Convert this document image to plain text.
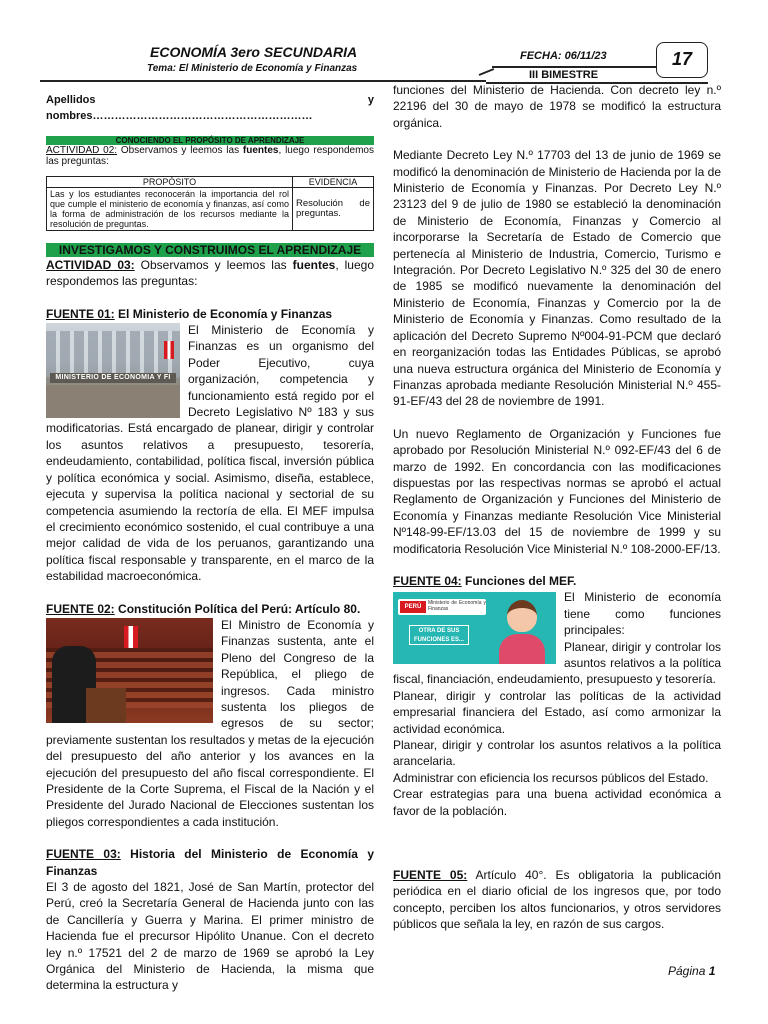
ECONOMÍA 3ero SECUNDARIA
Tema: El Ministerio de Economía y Finanzas
FECHA: 06/11/23
III BIMESTRE
17
Apellidos y nombres……………………………………………………
CONOCIENDO EL PROPÓSITO DE APRENDIZAJE
ACTIVIDAD 02: Observamos y leemos las fuentes, luego respondemos las preguntas:
PROPÓSITO	EVIDENCIA
Las y los estudiantes reconocerán la importancia del rol que cumple el ministerio de economía y finanzas, así como la forma de administración de los recursos mediante la resolución de preguntas.	Resolución de preguntas.
INVESTIGAMOS Y CONSTRUIMOS EL APRENDIZAJE
ACTIVIDAD 03: Observamos y leemos las fuentes, luego respondemos las preguntas:
FUENTE 01: El Ministerio de Economía y Finanzas
MINISTERIO DE ECONOMIA Y FI
El Ministerio de Economía y Finanzas es un organismo del Poder Ejecutivo, cuya organización, competencia y funcionamiento está regido por el Decreto Legislativo Nº 183 y sus modificatorias. Está encargado de planear, dirigir y controlar los asuntos relativos a presupuesto, tesorería, endeudamiento, contabilidad, política fiscal, inversión pública y política económica y social. Asimismo, diseña, establece, ejecuta y supervisa la política nacional y sectorial de su competencia asumiendo la rectoría de ella. El MEF impulsa el crecimiento económico sostenido, el cual contribuye a una mejor calidad de vida de los peruanos, garantizando una política fiscal responsable y transparente, en el marco de la estabilidad macroeconómica.
FUENTE 02: Constitución Política del Perú: Artículo 80.
El Ministro de Economía y Finanzas sustenta, ante el Pleno del Congreso de la República, el pliego de ingresos. Cada ministro sustenta los pliegos de egresos de su sector; previamente sustentan los resultados y metas de la ejecución del presupuesto del año anterior y los avances en la ejecución del presupuesto del año fiscal correspondiente. El Presidente de la Corte Suprema, el Fiscal de la Nación y el Presidente del Jurado Nacional de Elecciones sustentan los pliegos correspondientes a cada institución.
FUENTE 03: Historia del Ministerio de Economía y Finanzas
El 3 de agosto del 1821, José de San Martín, protector del Perú, creó la Secretaría General de Hacienda junto con las de Cancillería y Guerra y Marina. El primer ministro de Hacienda fue el precursor Hipólito Unanue. Con el decreto ley n.º 17521 del 2 de marzo de 1969 se aprobó la Ley Orgánica del Ministerio de Hacienda, la misma que determina la estructura y
funciones del Ministerio de Hacienda. Con decreto ley n.º 22196 del 30 de mayo de 1978 se modificó la estructura orgánica.
Mediante Decreto Ley N.º 17703 del 13 de junio de 1969 se modificó la denominación de Ministerio de Hacienda por la de Ministerio de Economía y Finanzas. Por Decreto Ley N.º 23123 del 9 de julio de 1980 se estableció la denominación de Ministerio de Economía, Finanzas y Comercio al incorporarse la Secretaría de Estado de Comercio que pertenecía al Ministerio de Industria, Comercio, Turismo e Integración. Por Decreto Legislativo N.º 325 del 30 de enero de 1985 se modificó nuevamente la denominación del Ministerio de Economía, Finanzas y Comercio por la de Ministerio de Economía y Finanzas. Como resultado de la aplicación del Decreto Supremo Nº004-91-PCM que declaró en reorganización todas las Entidades Públicas, se aprobó una nueva estructura orgánica del Ministerio de Economía y Finanzas aprobada mediante Resolución Ministerial N.º 455-91-EF/43 del 28 de noviembre de 1991.
Un nuevo Reglamento de Organización y Funciones fue aprobado por Resolución Ministerial N.º 092-EF/43 del 6 de marzo de 1992. En concordancia con las modificaciones dispuestas por las respectivas normas se aprobó el actual Reglamento de Organización y Funciones del Ministerio de Economía y Finanzas mediante Resolución Vice Ministerial Nº148-99-EF/13.03 del 15 de noviembre de 1999 y su modificatoria Resolución Vice Ministerial N.º 108-2000-EF/13.
FUENTE 04: Funciones del MEF.
PERÚ
Ministerio de Economía y Finanzas
OTRA DE SUS FUNCIONES ES...
El Ministerio de economía tiene como funciones principales:
Planear, dirigir y controlar los asuntos relativos a la política fiscal, financiación, endeudamiento, presupuesto y tesorería.
Planear, dirigir y controlar las políticas de la actividad empresarial financiera del Estado, así como armonizar la actividad económica.
Planear, dirigir y controlar los asuntos relativos a la política arancelaria.
Administrar con eficiencia los recursos públicos del Estado.
Crear estrategias para una buena actividad económica a favor de la población.
FUENTE 05: Artículo 40°. Es obligatoria la publicación periódica en el diario oficial de los ingresos que, por todo concepto, perciben los altos funcionarios, y otros servidores públicos que señala la ley, en razón de sus cargos.
Página 1
